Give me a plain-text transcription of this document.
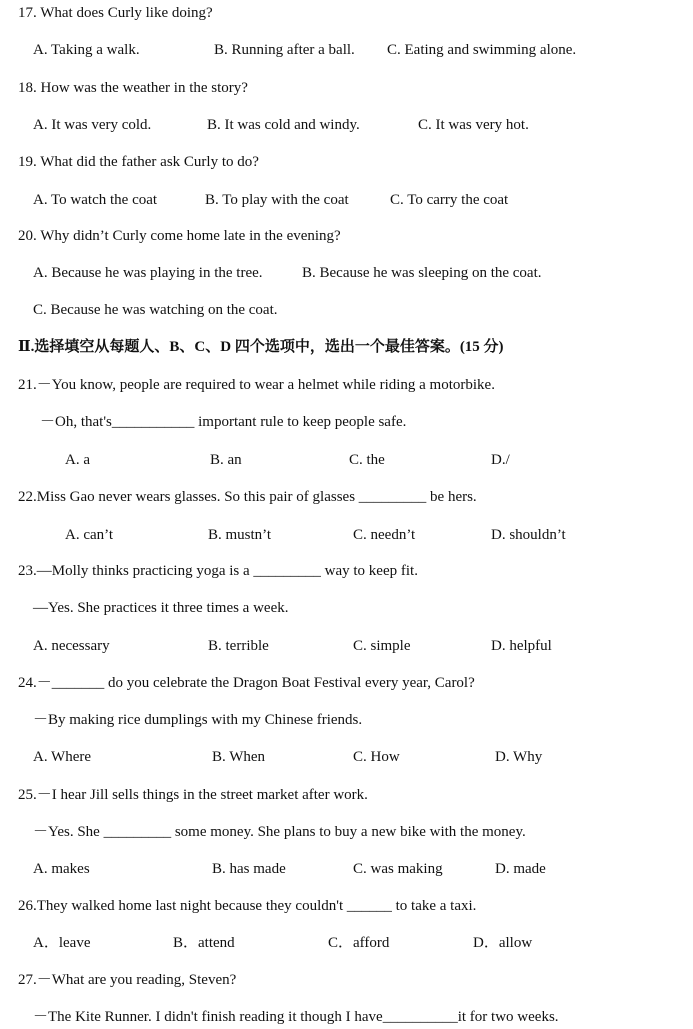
17. What does Curly like doing?
A. Taking a walk.	B. Running after a ball. C. Eating and swimming alone.
18. How was the weather in the story?
A. It was very cold.	B. It was cold and windy.	C. It was very hot.
19. What did the father ask Curly to do?
A. To watch the coat	B. To play with the coat	C. To carry the coat
20. Why didn’t Curly come home late in the evening?
A. Because he was playing in the tree.	B. Because he was sleeping on the coat.
C. Because he was watching on the coat.
Ⅱ.选择填空从每题人、B、C、D 四个选项中，选出一个最佳答案。(15 分)
21.－You know, people are required to wear a helmet while riding a motorbike.
－Oh, that's___________ important rule to keep people safe.
A. a	B. an	C. the	D./
22.Miss Gao never wears glasses. So this pair of glasses _________ be hers.
A. can’t	B. mustn’t	C. needn’t	D. shouldn’t
23.—Molly thinks practicing yoga is a _________ way to keep fit.
—Yes. She practices it three times a week.
A. necessary	B. terrible	C. simple	D. helpful
24.－_______ do you celebrate the Dragon Boat Festival every year, Carol?
－By making rice dumplings with my Chinese friends.
A. Where	B. When	C. How	D. Why
25.－I hear Jill sells things in the street market after work.
－Yes. She _________ some money. She plans to buy a new bike with the money.
A. makes	B. has made	C. was making	D. made
26.They walked home last night because they couldn't ______ to take a taxi.
A．leave	B．attend	C．afford	D．allow
27.－What are you reading, Steven?
－The Kite Runner. I didn't finish reading it though I have__________it for two weeks.
